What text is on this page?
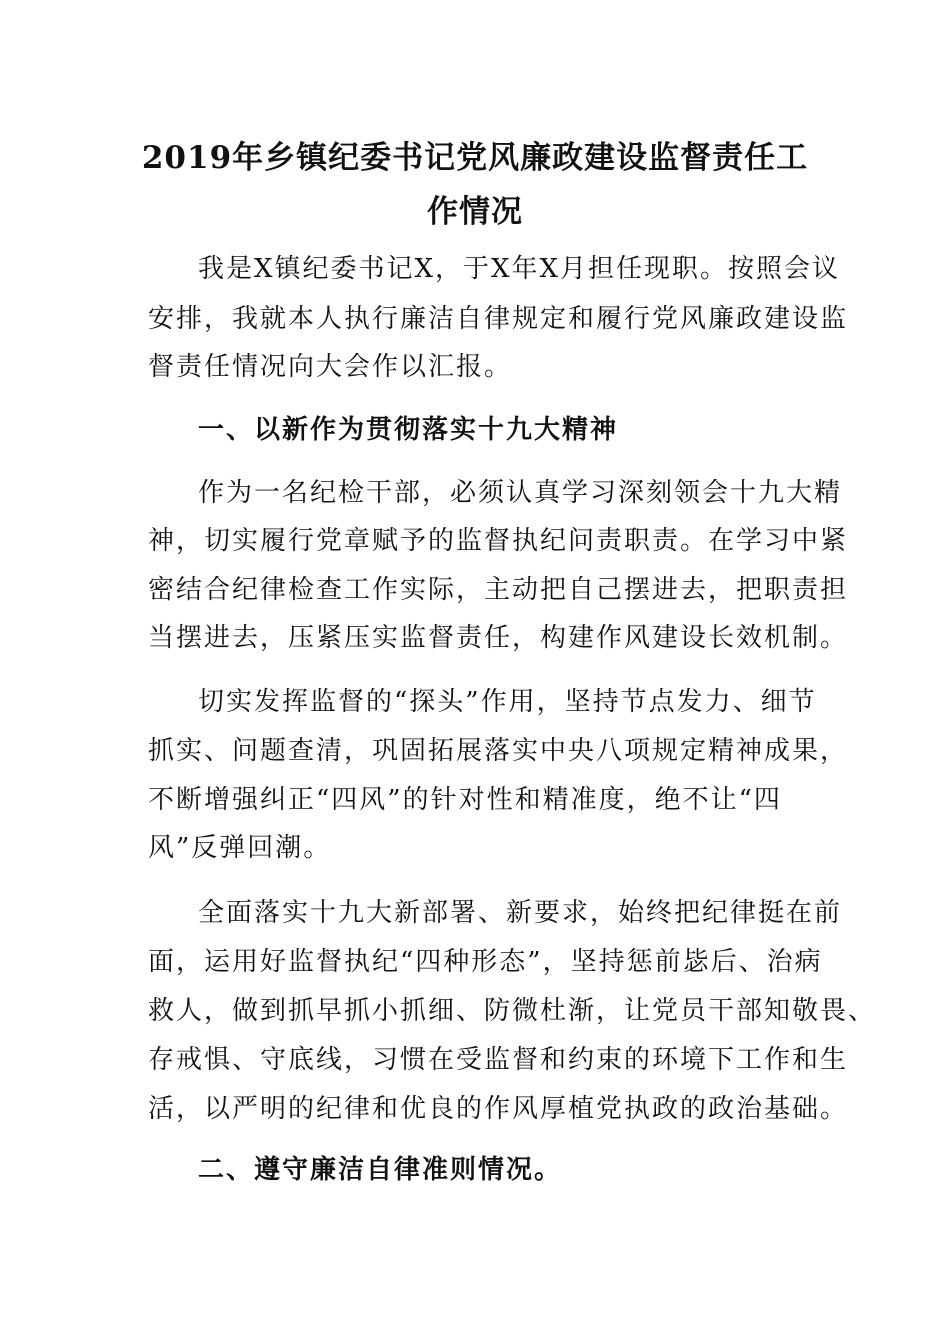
2019年乡镇纪委书记党风廉政建设监督责任工
作情况
我是X镇纪委书记X，于X年X月担任现职。按照会议
安排，我就本人执行廉洁自律规定和履行党风廉政建设监
督责任情况向大会作以汇报。
一、以新作为贯彻落实十九大精神
作为一名纪检干部，必须认真学习深刻领会十九大精
神，切实履行党章赋予的监督执纪问责职责。在学习中紧
密结合纪律检查工作实际，主动把自己摆进去，把职责担
当摆进去，压紧压实监督责任，构建作风建设长效机制。
切实发挥监督的“探头”作用，坚持节点发力、细节
抓实、问题查清，巩固拓展落实中央八项规定精神成果，
不断增强纠正“四风”的针对性和精准度，绝不让“四
风”反弹回潮。
全面落实十九大新部署、新要求，始终把纪律挺在前
面，运用好监督执纪“四种形态”，坚持惩前毖后、治病
救人，做到抓早抓小抓细、防微杜渐，让党员干部知敬畏、
存戒惧、守底线，习惯在受监督和约束的环境下工作和生
活，以严明的纪律和优良的作风厚植党执政的政治基础。
二、遵守廉洁自律准则情况。
